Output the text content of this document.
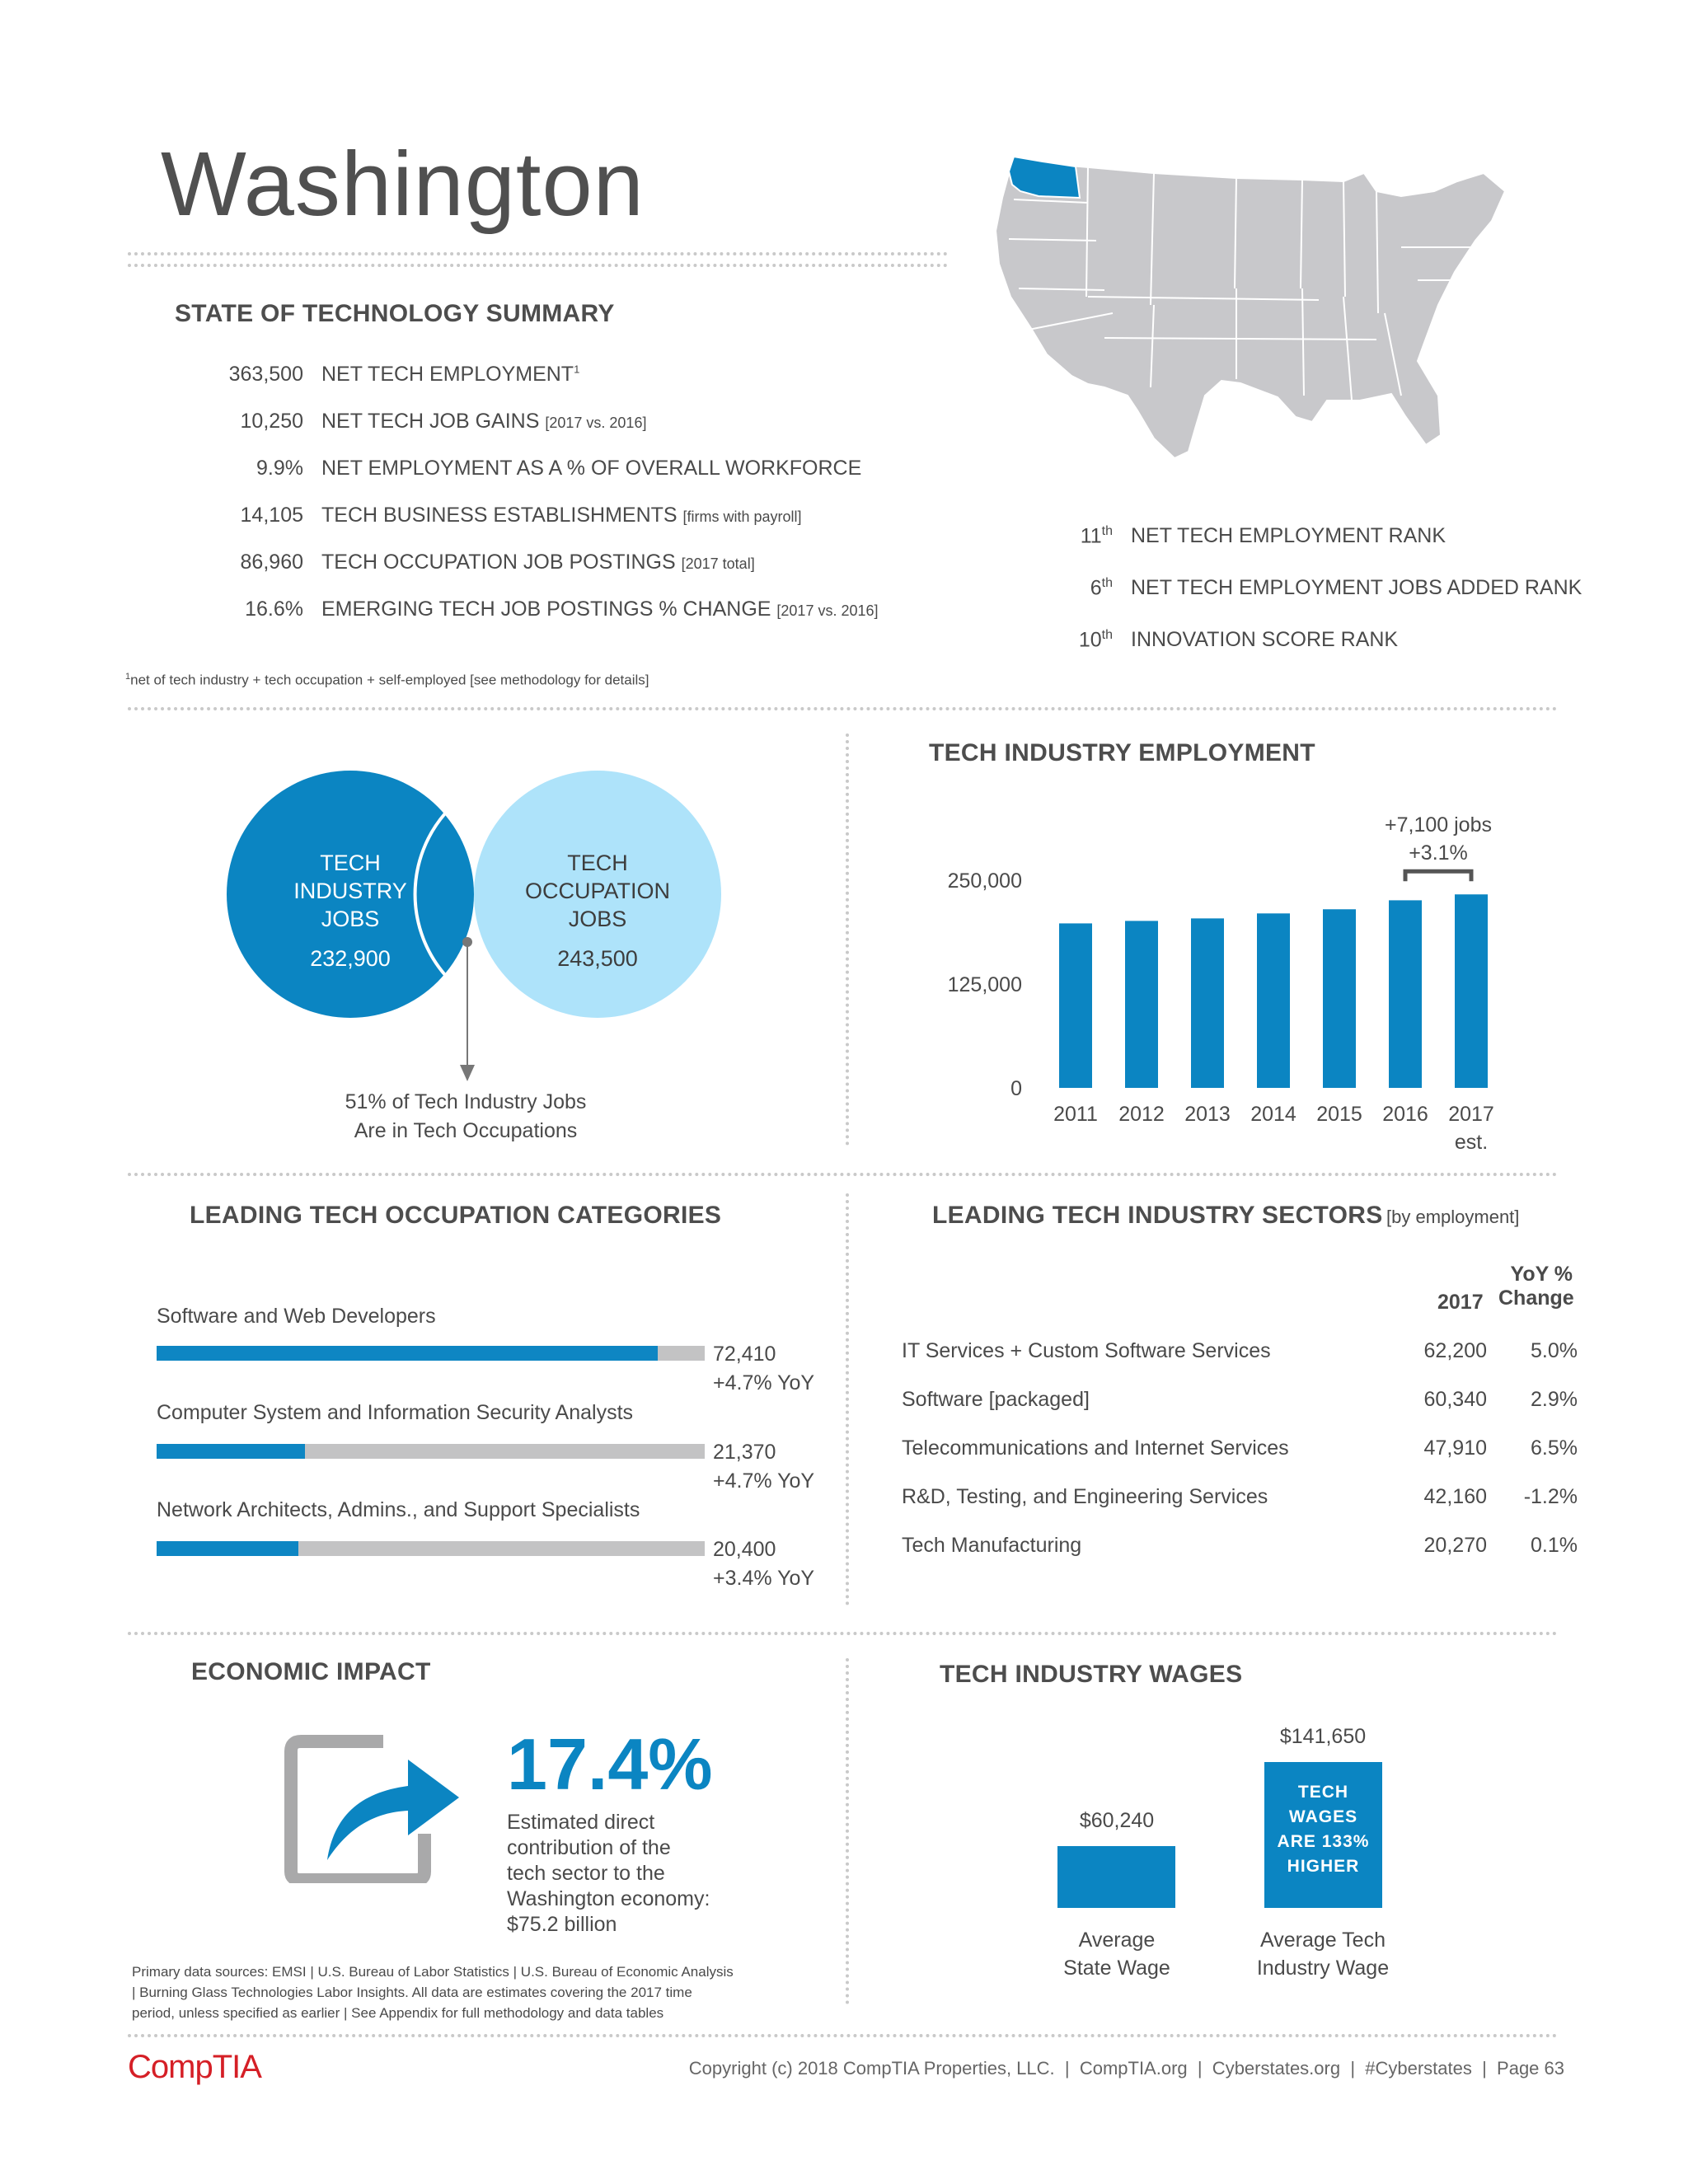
Washington
STATE OF TECHNOLOGY SUMMARY
363,500 NET TECH EMPLOYMENT$^1$
10,250 NET TECH JOB GAINS [2017 vs. 2016]
9.9% NET EMPLOYMENT AS A % OF OVERALL WORKFORCE
14,105 TECH BUSINESS ESTABLISHMENTS [firms with payroll]
86,960 TECH OCCUPATION JOB POSTINGS [2017 total]
16.6% EMERGING TECH JOB POSTINGS % CHANGE [2017 vs. 2016]
$^1$net of tech industry + tech occupation + self-employed [see methodology for details]
11th NET TECH EMPLOYMENT RANK
6th NET TECH EMPLOYMENT JOBS ADDED RANK
10th INNOVATION SCORE RANK
TECH
INDUSTRY
JOBS
232,900
TECH
OCCUPATION
JOBS
243,500
51% of Tech Industry Jobs
Are in Tech Occupations
TECH INDUSTRY EMPLOYMENT
250,000
125,000
0
2011 2012 2013 2014 2015 2016 2017
est.
+7,100 jobs
+3.1%
LEADING TECH OCCUPATION CATEGORIES
Software and Web Developers
72,410
+4.7% YoY
Computer System and Information Security Analysts
21,370
+4.7% YoY
Network Architects, Admins., and Support Specialists
20,400
+3.4% YoY
LEADING TECH INDUSTRY SECTORS [by employment]
2017
YoY %
Change
IT Services + Custom Software Services	62,200 5.0%
Software [packaged]	60,340 2.9%
Telecommunications and Internet Services	47,910 6.5%
R&D, Testing, and Engineering Services	42,160 -1.2%
Tech Manufacturing	20,270 0.1%
ECONOMIC IMPACT
17.4%
Estimated direct
contribution of the
tech sector to the
Washington economy:
$75.2 billion
TECH INDUSTRY WAGES
$60,240
$141,650
TECH
WAGES
ARE 133%
HIGHER
Average
State Wage
Average Tech
Industry Wage
Primary data sources: EMSI | U.S. Bureau of Labor Statistics | U.S. Bureau of Economic Analysis
| Burning Glass Technologies Labor Insights. All data are estimates covering the 2017 time
period, unless specified as earlier | See Appendix for full methodology and data tables
CompTIA	Copyright (c) 2018 CompTIA Properties, LLC.  |  CompTIA.org  |  Cyberstates.org  |  #Cyberstates  |  Page 63
